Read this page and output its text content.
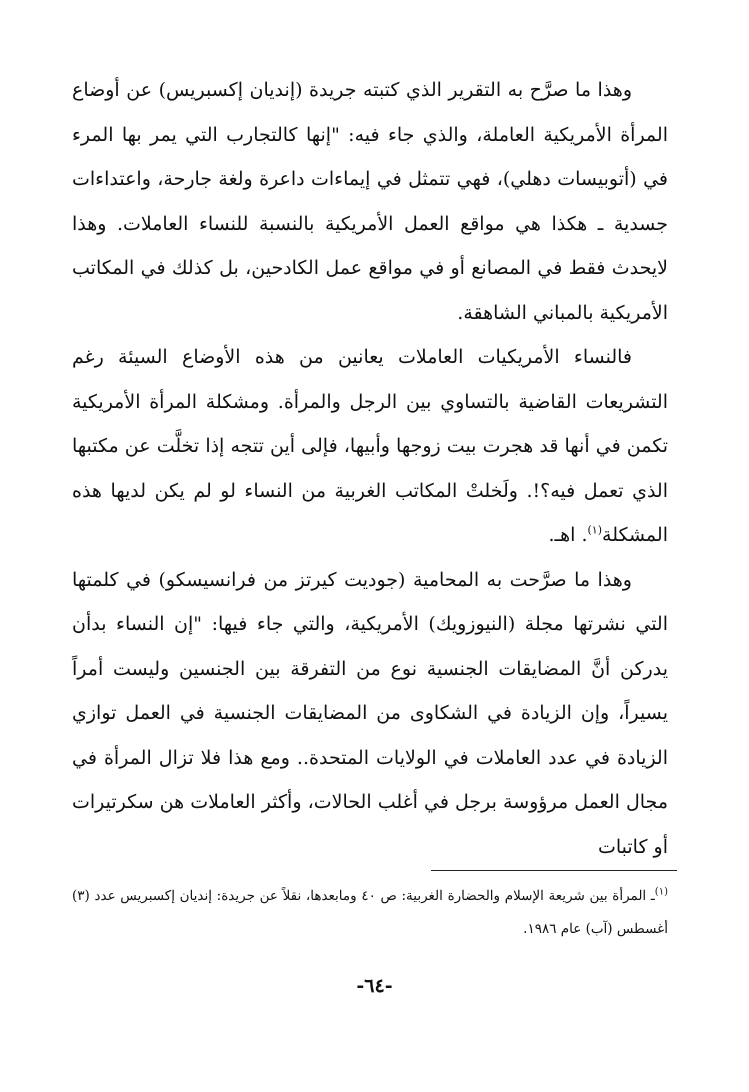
وهذا ما صرَّح به التقرير الذي كتبته جريدة (إنديان إكسبريس) عن أوضاع المرأة الأمريكية العاملة، والذي جاء فيه: "إنها كالتجارب التي يمر بها المرء في (أتوبيسات دهلي)، فهي تتمثل في إيماءات داعرة ولغة جارحة، واعتداءات جسدية ـ هكذا هي مواقع العمل الأمريكية بالنسبة للنساء العاملات. وهذا لايحدث فقط في المصانع أو في مواقع عمل الكادحين، بل كذلك في المكاتب الأمريكية بالمباني الشاهقة.

فالنساء الأمريكيات العاملات يعانين من هذه الأوضاع السيئة رغم التشريعات القاضية بالتساوي بين الرجل والمرأة. ومشكلة المرأة الأمريكية تكمن في أنها قد هجرت بيت زوجها وأبيها، فإلى أين تتجه إذا تخلَّت عن مكتبها الذي تعمل فيه؟!. ولَخلتْ المكاتب الغربية من النساء لو لم يكن لديها هذه المشكلة$^{(١)}$. اهـ.

وهذا ما صرَّحت به المحامية (جوديت كيرتز من فرانسيسكو) في كلمتها التي نشرتها مجلة (النيوزويك) الأمريكية، والتي جاء فيها: "إن النساء بدأن يدركن أنَّ المضايقات الجنسية نوع من التفرقة بين الجنسين وليست أمراً يسيراً، وإن الزيادة في الشكاوى من المضايقات الجنسية في العمل توازي الزيادة في عدد العاملات في الولايات المتحدة.. ومع هذا فلا تزال المرأة في مجال العمل مرؤوسة برجل في أغلب الحالات، وأكثر العاملات هن سكرتيرات أو كاتبات

$^{(١)}$ـ المرأة بين شريعة الإسلام والحضارة الغربية: ص ٤٠ ومابعدها، نقلاً عن جريدة: إنديان إكسبريس عدد (٣) أغسطس (آب) عام ١٩٨٦.

-٦٤-
